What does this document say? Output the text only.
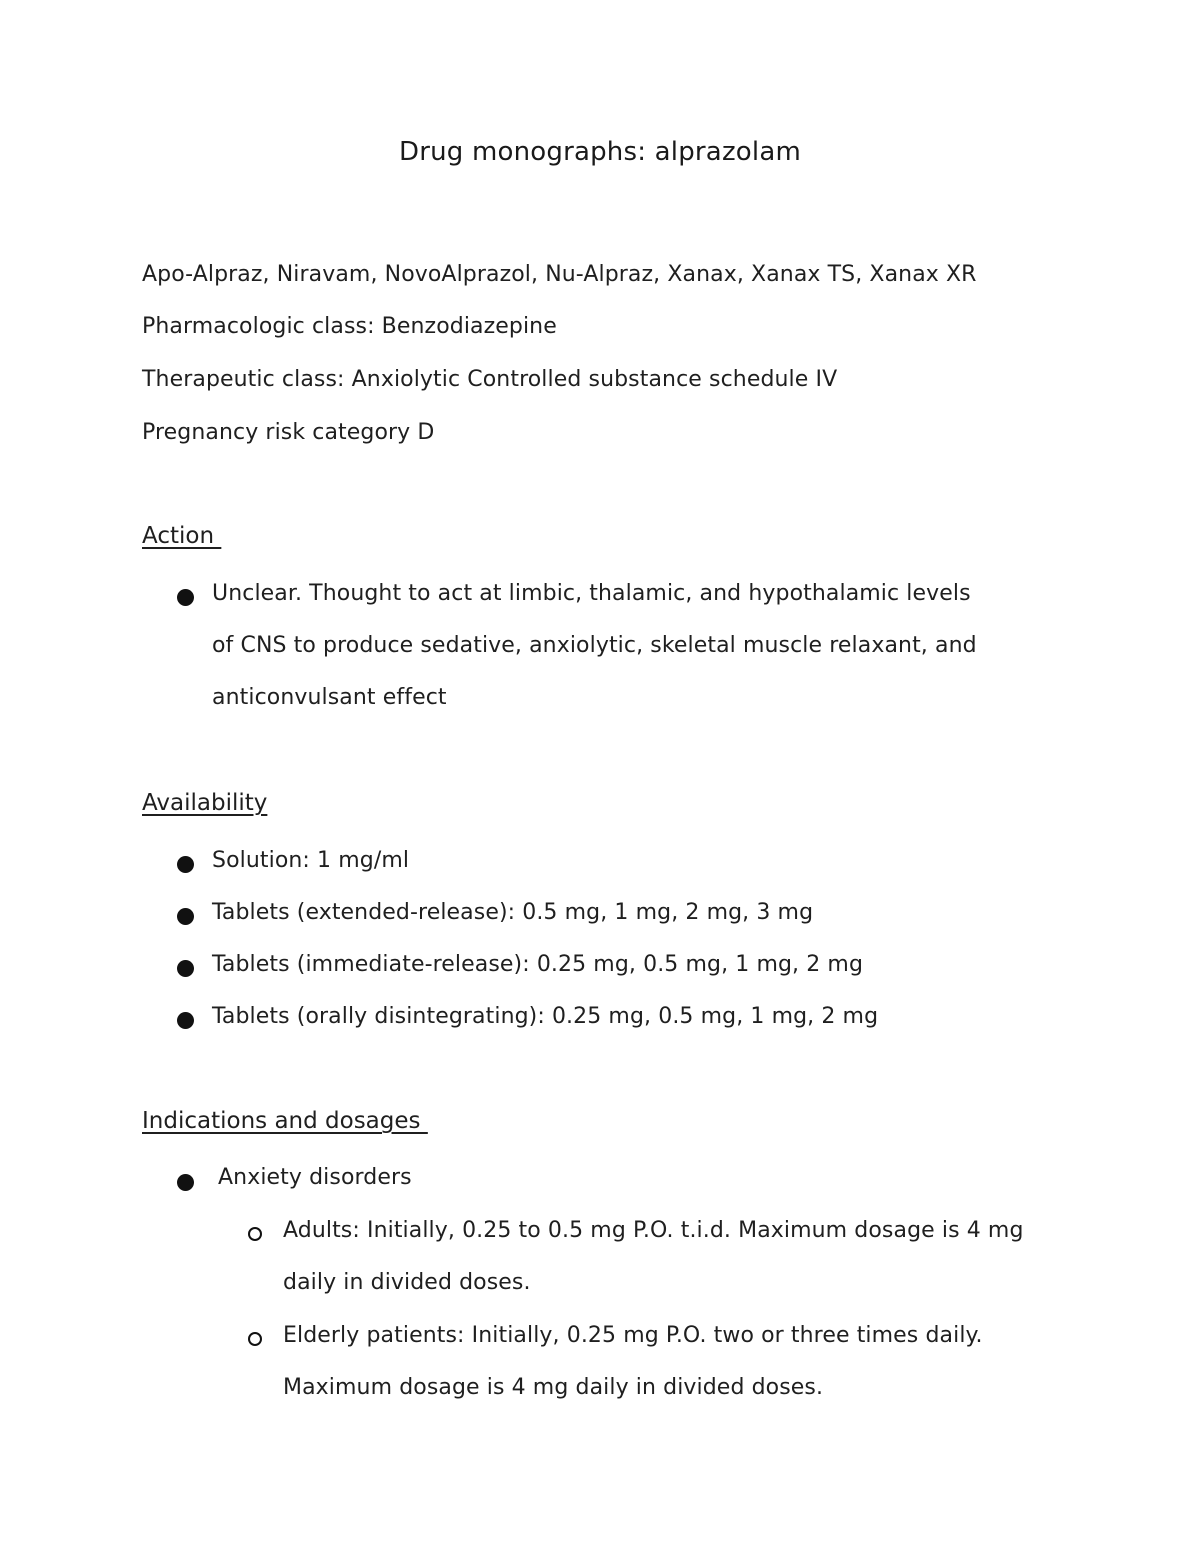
Drug monographs: alprazolam
Apo-Alpraz, Niravam, NovoAlprazol, Nu-Alpraz, Xanax, Xanax TS, Xanax XR
Pharmacologic class: Benzodiazepine
Therapeutic class: Anxiolytic Controlled substance schedule IV
Pregnancy risk category D
Action
Unclear. Thought to act at limbic, thalamic, and hypothalamic levels
of CNS to produce sedative, anxiolytic, skeletal muscle relaxant, and
anticonvulsant effect
Availability
Solution: 1 mg/ml
Tablets (extended-release): 0.5 mg, 1 mg, 2 mg, 3 mg
Tablets (immediate-release): 0.25 mg, 0.5 mg, 1 mg, 2 mg
Tablets (orally disintegrating): 0.25 mg, 0.5 mg, 1 mg, 2 mg
Indications and dosages
Anxiety disorders
Adults: Initially, 0.25 to 0.5 mg P.O. t.i.d. Maximum dosage is 4 mg
daily in divided doses.
Elderly patients: Initially, 0.25 mg P.O. two or three times daily.
Maximum dosage is 4 mg daily in divided doses.
